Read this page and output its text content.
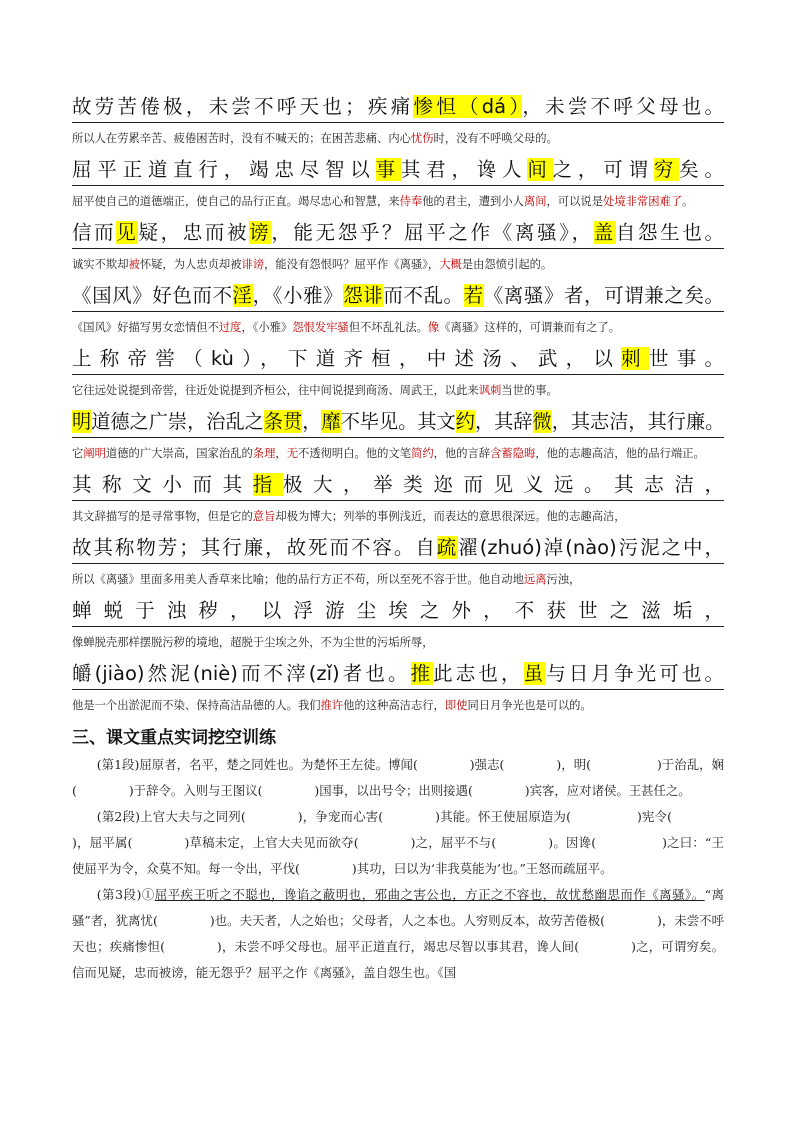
故劳苦倦极，未尝不呼天也；疾痛惨怛（dá），未尝不呼父母也。
所以人在劳累辛苦、疲倦困苦时，没有不喊天的；在困苦悲痛、内心忧伤时，没有不呼唤父母的。
屈平正道直行，竭忠尽智以事其君，谗人间之，可谓穷矣。
屈平使自己的道德端正，使自己的品行正直。竭尽忠心和智慧，来侍奉他的君主，遭到小人离间，可以说是处境非常困难了。
信而见疑，忠而被谤，能无怨乎？屈平之作《离骚》，盖自怨生也。
诚实不欺却被怀疑，为人忠贞却被诽谤，能没有怨恨吗？屈平作《离骚》，大概是由怨愤引起的。
《国风》好色而不淫，《小雅》怨诽而不乱。若《离骚》者，可谓兼之矣。
《国风》好描写男女恋情但不过度，《小雅》怨恨发牢骚但不坏乱礼法。像《离骚》这样的，可谓兼而有之了。
上称帝喾（kù），下道齐桓，中述汤、武，以刺世事。
它往远处说提到帝喾，往近处说提到齐桓公，往中间说提到商汤、周武王，以此来讽刺当世的事。
明道德之广崇，治乱之条贯，靡不毕见。其文约，其辞微，其志洁，其行廉。
它阐明道德的广大崇高，国家治乱的条理，无不透彻明白。他的文笔简约，他的言辞含蓄隐晦，他的志趣高洁，他的品行端正。
其称文小而其指极大，举类迩而见义远。其志洁，
其文辞描写的是寻常事物，但是它的意旨却极为博大；列举的事例浅近，而表达的意思很深远。他的志趣高洁，
故其称物芳；其行廉，故死而不容。自疏濯(zhuó)淖(nào)污泥之中，
所以《离骚》里面多用美人香草来比喻；他的品行方正不苟，所以至死不容于世。他自动地远离污浊，
蝉蜕于浊秽，以浮游尘埃之外，不获世之滋垢，
像蝉脱壳那样摆脱污秽的境地，超脱于尘埃之外，不为尘世的污垢所辱，
皭(jiào)然泥(niè)而不滓(zǐ)者也。推此志也，虽与日月争光可也。
他是一个出淤泥而不染、保持高洁品德的人。我们推许他的这种高洁志行，即使同日月争光也是可以的。
三、课文重点实词挖空训练
(第1段)屈原者，名平，楚之同姓也。为楚怀王左徒。博闻(	)强志(	)，明(	)于治乱，娴(	)于辞令。入则与王图议(	)国事，以出号令；出则接遇(	)宾客，应对诸侯。王甚任之。
(第2段)上官大夫与之同列(	)，争宠而心害(	)其能。怀王使屈原造为(	)宪令()，屈平属(	)草稿未定，上官大夫见而欲夺(	)之，屈平不与(	)。因谗(	)之曰：“王使屈平为令，众莫不知。每一令出，平伐(	)其功，曰以为‘非我莫能为’也。”王怒而疏屈平。
(第3段)①屈平疾王听之不聪也，谗谄之蔽明也，邪曲之害公也，方正之不容也，故忧愁幽思而作《离骚》。“离骚”者，犹离忧(	)也。夫天者，人之始也；父母者，人之本也。人穷则反本，故劳苦倦极(	)，未尝不呼天也；疾痛惨怛(	)，未尝不呼父母也。屈平正道直行，竭忠尽智以事其君，谗人间(	)之，可谓穷矣。信而见疑，忠而被谤，能无怨乎？屈平之作《离骚》，盖自怨生也。《国
